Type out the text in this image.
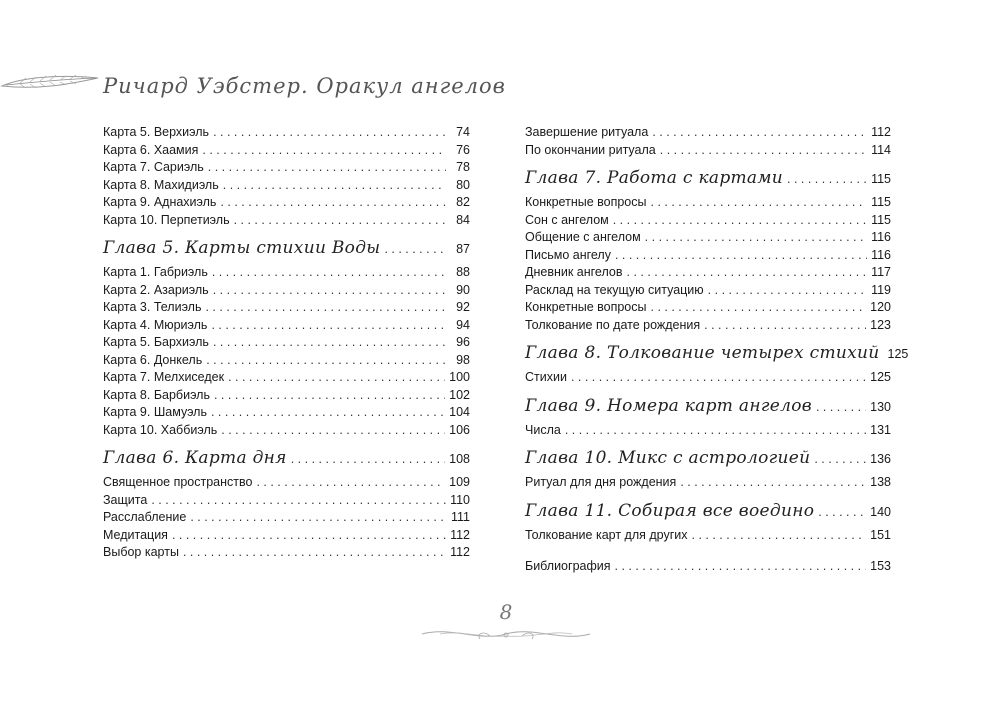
Ричард Уэбстер. Оракул ангелов
Карта 5. Верхиэль . . .	74
Карта 6. Хаамия . . .	76
Карта 7. Сариэль . . .	78
Карта 8. Махидиэль . . .	80
Карта 9. Аднахиэль . . .	82
Карта 10. Перпетиэль . . .	84
Глава 5. Карты стихии Воды . . .	87
Карта 1. Габриэль . . .	88
Карта 2. Азариэль . . .	90
Карта 3. Телиэль . . .	92
Карта 4. Мюриэль . . .	94
Карта 5. Бархиэль . . .	96
Карта 6. Донкель . . .	98
Карта 7. Мелхиседек . . .	100
Карта 8. Барбиэль . . .	102
Карта 9. Шамуэль . . .	104
Карта 10. Хаббиэль . . .	106
Глава 6. Карта дня . . .	108
Священное пространство . . .	109
Защита . . .	110
Расслабление . . .	111
Медитация . . .	112
Выбор карты . . .	112
Завершение ритуала . . .	112
По окончании ритуала . . .	114
Глава 7. Работа с картами . . .	115
Конкретные вопросы . . .	115
Сон с ангелом . . .	115
Общение с ангелом . . .	116
Письмо ангелу . . .	116
Дневник ангелов . . .	117
Расклад на текущую ситуацию . . .	119
Конкретные вопросы . . .	120
Толкование по дате рождения . . .	123
Глава 8. Толкование четырех стихий 125
Стихии . . .	125
Глава 9. Номера карт ангелов . . .	130
Числа . . .	131
Глава 10. Микс с астрологией . . .	136
Ритуал для дня рождения . . .	138
Глава 11. Собирая все воедино . . .	140
Толкование карт для других . . .	151
Библиография . . .	153
8
